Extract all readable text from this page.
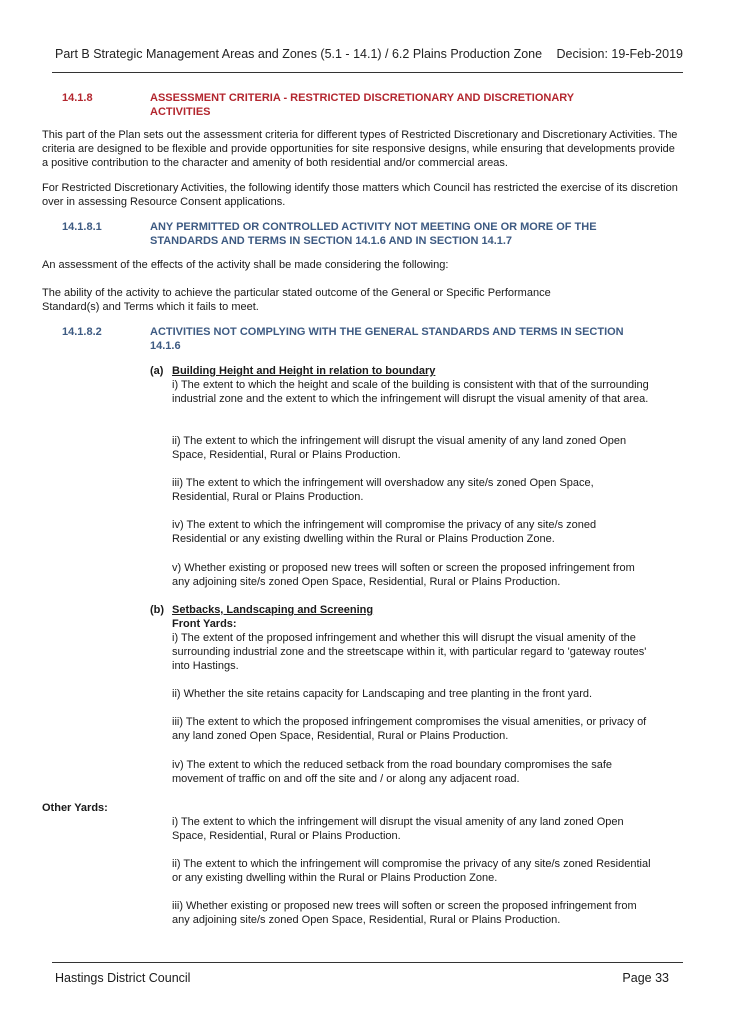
Part B Strategic Management Areas and Zones (5.1 - 14.1) / 6.2 Plains Production Zone Decision: 19-Feb-2019
14.1.8	ASSESSMENT CRITERIA - RESTRICTED DISCRETIONARY AND DISCRETIONARY ACTIVITIES
This part of the Plan sets out the assessment criteria for different types of Restricted Discretionary and Discretionary Activities. The criteria are designed to be flexible and provide opportunities for site responsive designs, while ensuring that developments provide a positive contribution to the character and amenity of both residential and/or commercial areas.
For Restricted Discretionary Activities, the following identify those matters which Council has restricted the exercise of its discretion over in assessing Resource Consent applications.
14.1.8.1	ANY PERMITTED OR CONTROLLED ACTIVITY NOT MEETING ONE OR MORE OF THE STANDARDS AND TERMS IN SECTION 14.1.6 AND IN SECTION 14.1.7
An assessment of the effects of the activity shall be made considering the following:
The ability of the activity to achieve the particular stated outcome of the General or Specific Performance Standard(s) and Terms which it fails to meet.
14.1.8.2	ACTIVITIES NOT COMPLYING WITH THE GENERAL STANDARDS AND TERMS IN SECTION 14.1.6
(a) Building Height and Height in relation to boundary
i) The extent to which the height and scale of the building is consistent with that of the surrounding industrial zone and the extent to which the infringement will disrupt the visual amenity of that area.
ii) The extent to which the infringement will disrupt the visual amenity of any land zoned Open Space, Residential, Rural or Plains Production.
iii) The extent to which the infringement will overshadow any site/s zoned Open Space, Residential, Rural or Plains Production.
iv) The extent to which the infringement will compromise the privacy of any site/s zoned Residential or any existing dwelling within the Rural or Plains Production Zone.
v) Whether existing or proposed new trees will soften or screen the proposed infringement from any adjoining site/s zoned Open Space, Residential, Rural or Plains Production.
(b) Setbacks, Landscaping and Screening
Front Yards:
i) The extent of the proposed infringement and whether this will disrupt the visual amenity of the surrounding industrial zone and the streetscape within it, with particular regard to 'gateway routes' into Hastings.
ii) Whether the site retains capacity for Landscaping and tree planting in the front yard.
iii) The extent to which the proposed infringement compromises the visual amenities, or privacy of any land zoned Open Space, Residential, Rural or Plains Production.
iv) The extent to which the reduced setback from the road boundary compromises the safe movement of traffic on and off the site and / or along any adjacent road.
Other Yards:
i) The extent to which the infringement will disrupt the visual amenity of any land zoned Open Space, Residential, Rural or Plains Production.
ii) The extent to which the infringement will compromise the privacy of any site/s zoned Residential or any existing dwelling within the Rural or Plains Production Zone.
iii) Whether existing or proposed new trees will soften or screen the proposed infringement from any adjoining site/s zoned Open Space, Residential, Rural or Plains Production.
Hastings District Council	Page 33
